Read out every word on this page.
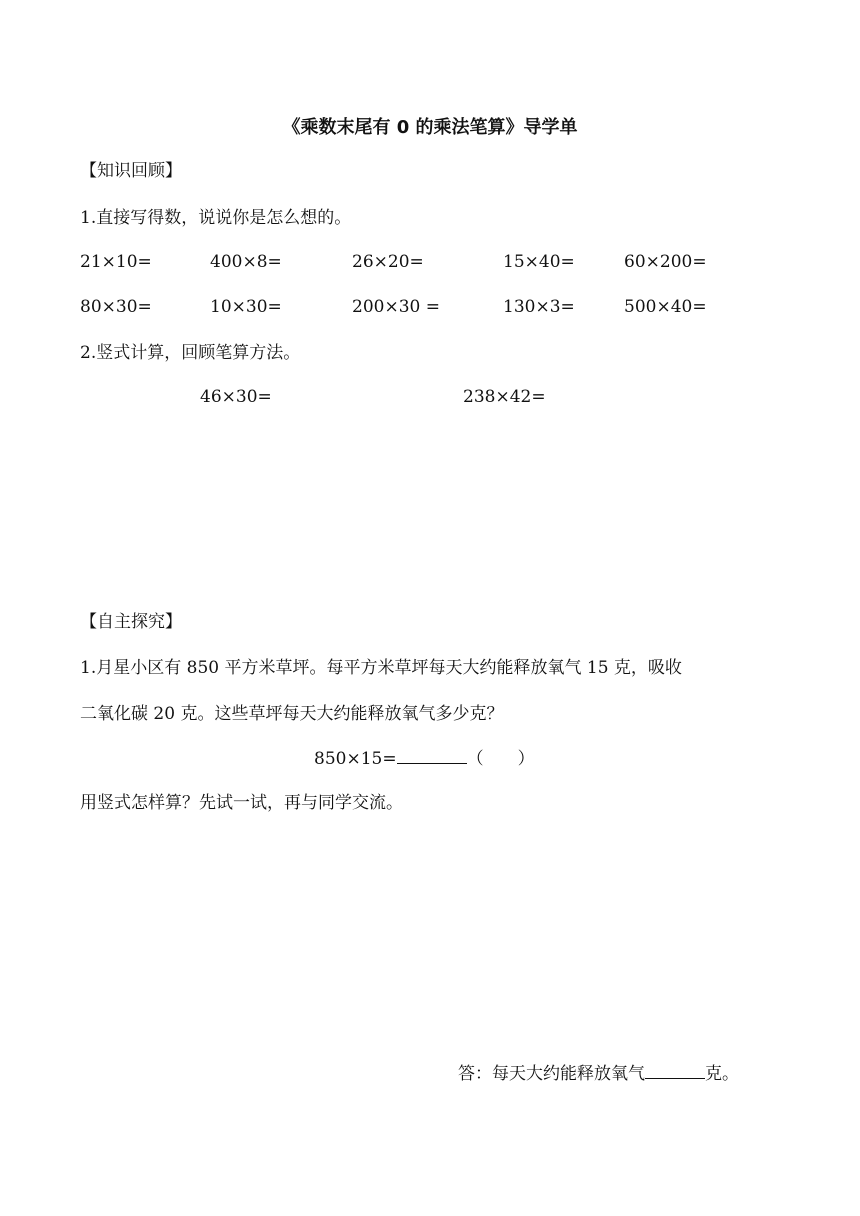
《乘数末尾有 0 的乘法笔算》导学单
【知识回顾】
1.直接写得数，说说你是怎么想的。
21×10=	400×8=	26×20=	15×40=	60×200=
80×30=	10×30=	200×30 =	130×3=	500×40=
2.竖式计算，回顾笔算方法。
46×30=	238×42=
【自主探究】
1.月星小区有 850 平方米草坪。每平方米草坪每天大约能释放氧气 15 克，吸收
二氧化碳 20 克。这些草坪每天大约能释放氧气多少克？
850×15=	（　　）
用竖式怎样算？先试一试，再与同学交流。
答：每天大约能释放氧气	克。
